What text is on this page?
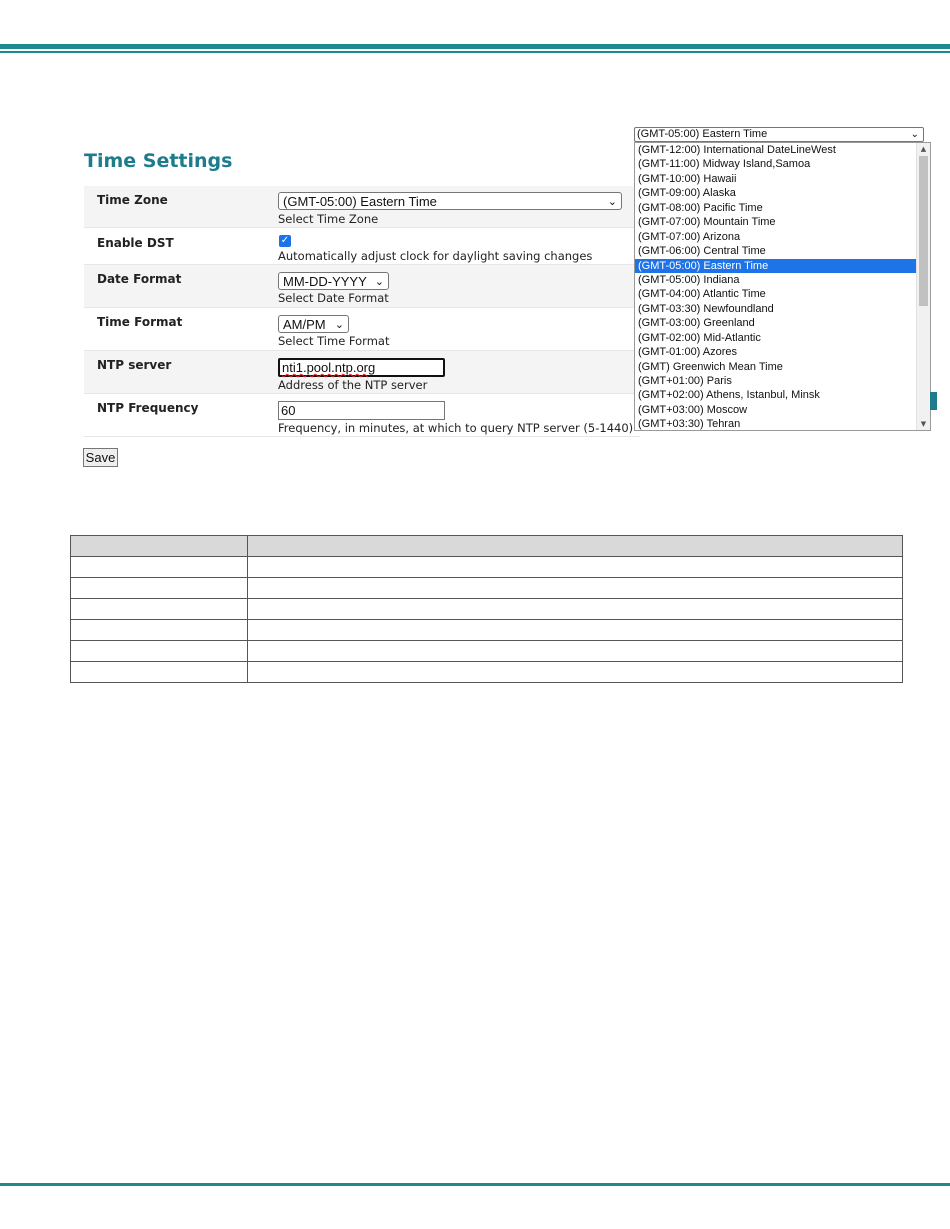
Time Settings
Time Zone	(GMT-05:00) Eastern Time	⌄
Select Time Zone
Enable DST	✓
Automatically adjust clock for daylight saving changes
Date Format	MM-DD-YYYY ⌄
Select Date Format
Time Format	AM/PM ⌄
Select Time Format
NTP server	nti1.pool.ntp.org
Address of the NTP server
NTP Frequency	60
Frequency, in minutes, at which to query NTP server (5-1440)
Save
(GMT-05:00) Eastern Time	⌄
(GMT-12:00) International DateLineWest
(GMT-11:00) Midway Island,Samoa
(GMT-10:00) Hawaii
(GMT-09:00) Alaska
(GMT-08:00) Pacific Time
(GMT-07:00) Mountain Time
(GMT-07:00) Arizona
(GMT-06:00) Central Time
(GMT-05:00) Eastern Time
(GMT-05:00) Indiana
(GMT-04:00) Atlantic Time
(GMT-03:30) Newfoundland
(GMT-03:00) Greenland
(GMT-02:00) Mid-Atlantic
(GMT-01:00) Azores
(GMT) Greenwich Mean Time
(GMT+01:00) Paris
(GMT+02:00) Athens, Istanbul, Minsk
(GMT+03:00) Moscow
(GMT+03:30) Tehran
▲
▼
